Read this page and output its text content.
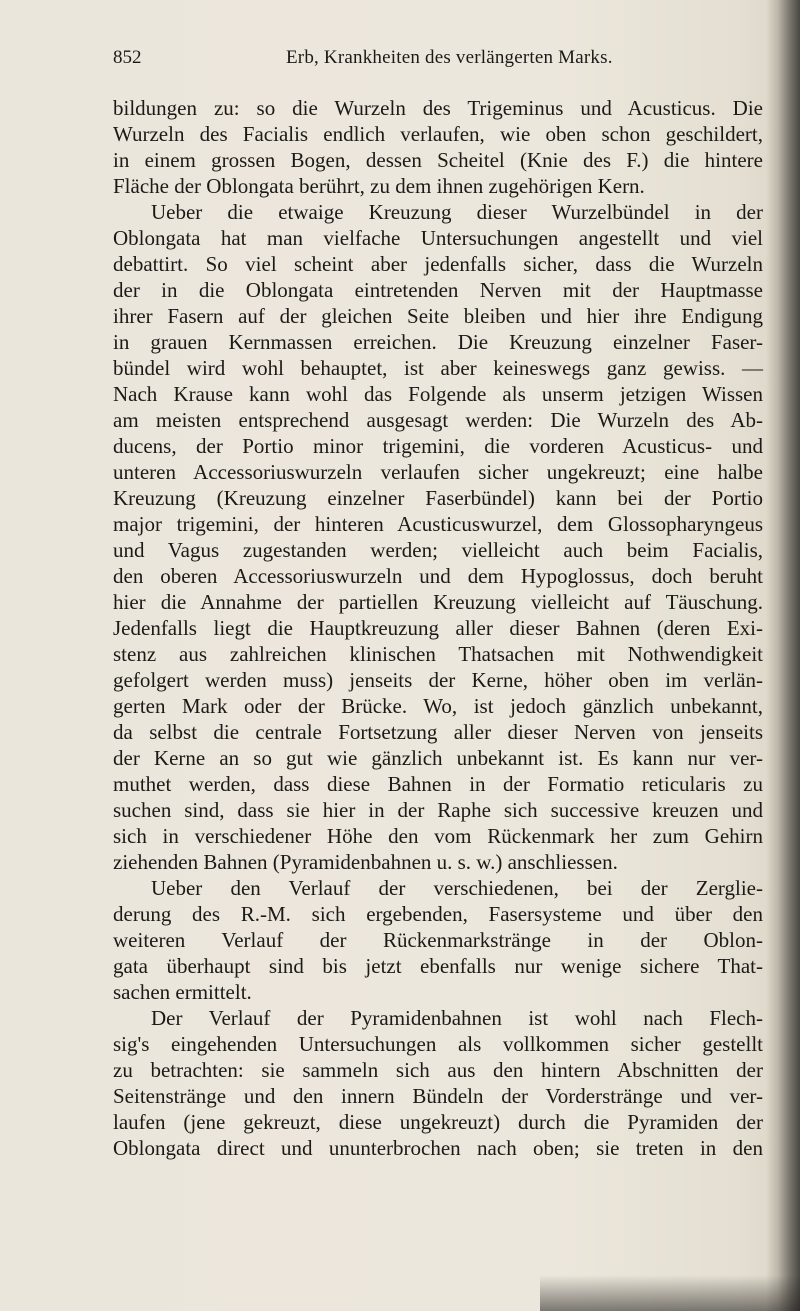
852	Erb, Krankheiten des verlängerten Marks.
bildungen zu: so die Wurzeln des Trigeminus und Acusticus. Die
Wurzeln des Facialis endlich verlaufen, wie oben schon geschildert,
in einem grossen Bogen, dessen Scheitel (Knie des F.) die hintere
Fläche der Oblongata berührt, zu dem ihnen zugehörigen Kern.
Ueber die etwaige Kreuzung dieser Wurzelbündel in der
Oblongata hat man vielfache Untersuchungen angestellt und viel
debattirt. So viel scheint aber jedenfalls sicher, dass die Wurzeln
der in die Oblongata eintretenden Nerven mit der Hauptmasse
ihrer Fasern auf der gleichen Seite bleiben und hier ihre Endigung
in grauen Kernmassen erreichen. Die Kreuzung einzelner Faser-
bündel wird wohl behauptet, ist aber keineswegs ganz gewiss. —
Nach Krause kann wohl das Folgende als unserm jetzigen Wissen
am meisten entsprechend ausgesagt werden: Die Wurzeln des Ab-
ducens, der Portio minor trigemini, die vorderen Acusticus- und
unteren Accessoriuswurzeln verlaufen sicher ungekreuzt; eine halbe
Kreuzung (Kreuzung einzelner Faserbündel) kann bei der Portio
major trigemini, der hinteren Acusticuswurzel, dem Glossopharyngeus
und Vagus zugestanden werden; vielleicht auch beim Facialis,
den oberen Accessoriuswurzeln und dem Hypoglossus, doch beruht
hier die Annahme der partiellen Kreuzung vielleicht auf Täuschung.
Jedenfalls liegt die Hauptkreuzung aller dieser Bahnen (deren Exi-
stenz aus zahlreichen klinischen Thatsachen mit Nothwendigkeit
gefolgert werden muss) jenseits der Kerne, höher oben im verlän-
gerten Mark oder der Brücke. Wo, ist jedoch gänzlich unbekannt,
da selbst die centrale Fortsetzung aller dieser Nerven von jenseits
der Kerne an so gut wie gänzlich unbekannt ist. Es kann nur ver-
muthet werden, dass diese Bahnen in der Formatio reticularis zu
suchen sind, dass sie hier in der Raphe sich successive kreuzen und
sich in verschiedener Höhe den vom Rückenmark her zum Gehirn
ziehenden Bahnen (Pyramidenbahnen u. s. w.) anschliessen.
Ueber den Verlauf der verschiedenen, bei der Zerglie-
derung des R.-M. sich ergebenden, Fasersysteme und über den
weiteren Verlauf der Rückenmarkstränge in der Oblon-
gata überhaupt sind bis jetzt ebenfalls nur wenige sichere That-
sachen ermittelt.
Der Verlauf der Pyramidenbahnen ist wohl nach Flech-
sig's eingehenden Untersuchungen als vollkommen sicher gestellt
zu betrachten: sie sammeln sich aus den hintern Abschnitten der
Seitenstränge und den innern Bündeln der Vorderstränge und ver-
laufen (jene gekreuzt, diese ungekreuzt) durch die Pyramiden der
Oblongata direct und ununterbrochen nach oben; sie treten in den
